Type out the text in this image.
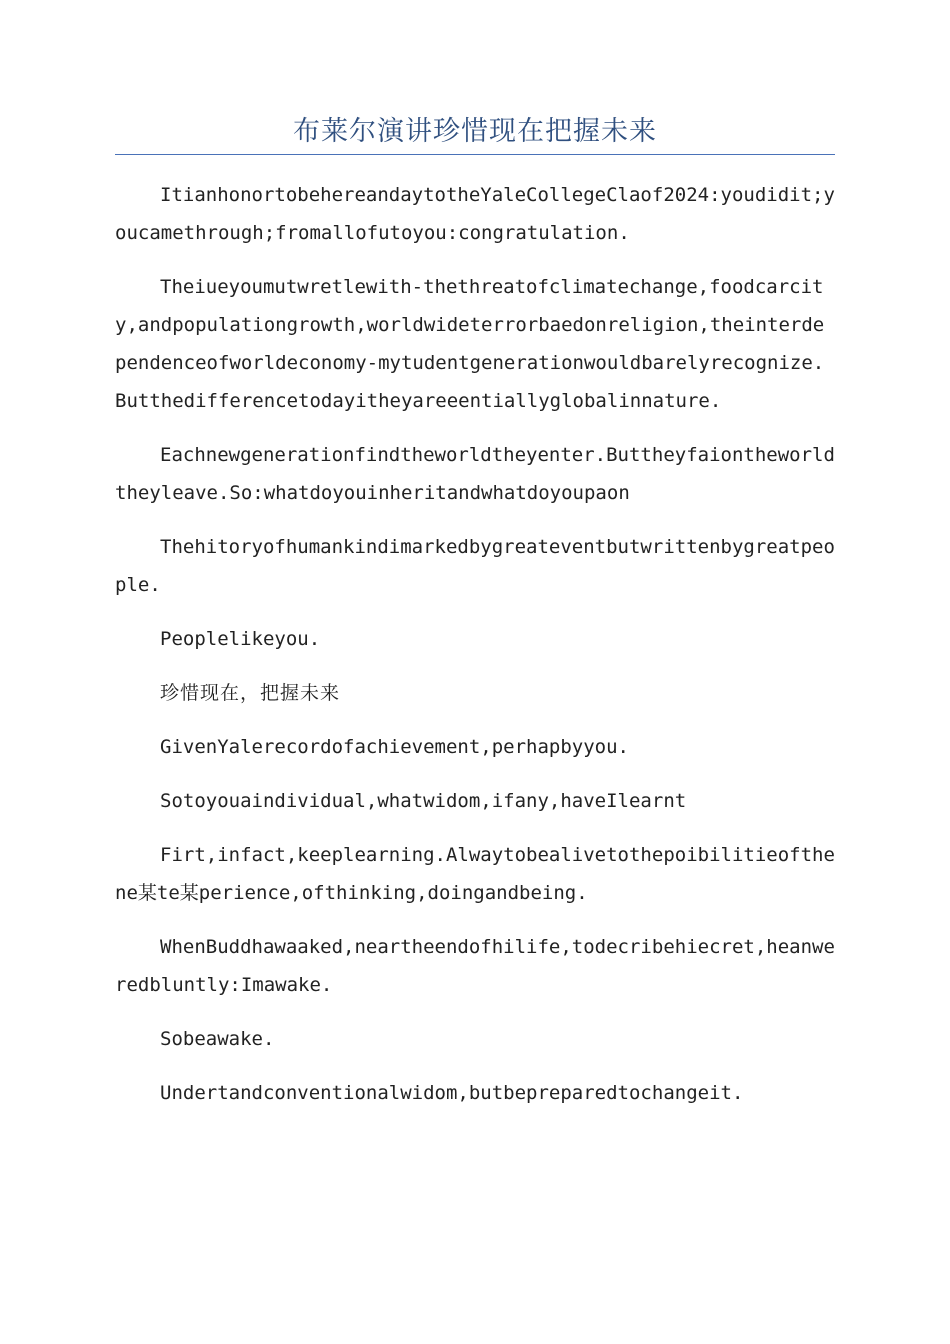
布莱尔演讲珍惜现在把握未来

ItianhonortobehereandaytotheYaleCollegeClaof2024:youdidit;youcamethrough;fromallofutoyou:congratulation.

Theiueyoumutwretlewith-thethreatofclimatechange,foodcarcity,andpopulationgrowth,worldwideterrorbaedonreligion,theinterdependenceofworldeconomy-mytudentgenerationwouldbarelyrecognize.Butthedifferencetodayitheyareeentiallyglobalinnature.

Eachnewgenerationfindtheworldtheyenter.Buttheyfaiontheworldtheyleave.So:whatdoyouinheritandwhatdoyoupaon

Thehitoryofhumankindimarkedbygreateventbutwrittenbygreatpeople.

Peoplelikeyou.

珍惜现在，把握未来

GivenYalerecordofachievement,perhapbyyou.

Sotoyouaindividual,whatwidom,ifany,haveIlearnt

Firt,infact,keeplearning.Alwaytobealivetothepoibilitieofthene某te某perience,ofthinking,doingandbeing.

WhenBuddhawaaked,neartheendofhilife,todecribehiecret,heanweredbluntly:Imawake.

Sobeawake.

Undertandconventionalwidom,butbepreparedtochangeit.
